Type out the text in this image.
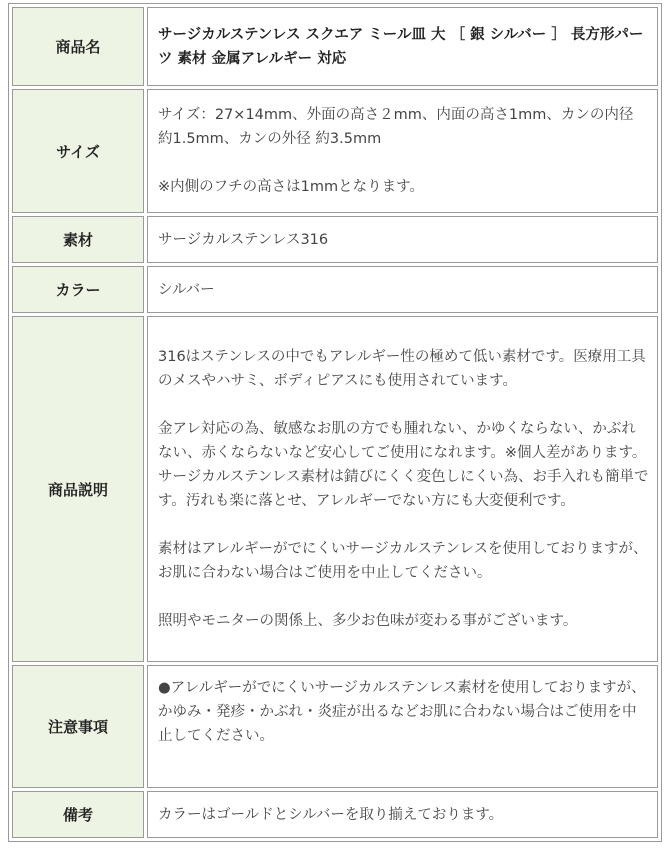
商品名	サージカルステンレス スクエア ミール皿 大 ［ 銀 シルバー ］ 長方形パーツ 素材 金属アレルギー 対応

サイズ	サイズ：27×14mm、外面の高さ２mm、内面の高さ1mm、カンの内径 約1.5mm、カンの外径 約3.5mm

※内側のフチの高さは1mmとなります。

素材	サージカルステンレス316

カラー	シルバー

商品説明	316はステンレスの中でもアレルギー性の極めて低い素材です。医療用工具のメスやハサミ、ボディピアスにも使用されています。

金アレ対応の為、敏感なお肌の方でも腫れない、かゆくならない、かぶれない、赤くならないなど安心してご使用になれます。※個人差があります。 サージカルステンレス素材は錆びにくく変色しにくい為、お手入れも簡単です。汚れも楽に落とせ、アレルギーでない方にも大変便利です。

素材はアレルギーがでにくいサージカルステンレスを使用しておりますが、お肌に合わない場合はご使用を中止してください。

照明やモニターの関係上、多少お色味が変わる事がございます。

注意事項	●アレルギーがでにくいサージカルステンレス素材を使用しておりますが、かゆみ・発疹・かぶれ・炎症が出るなどお肌に合わない場合はご使用を中止してください。

備考	カラーはゴールドとシルバーを取り揃えております。
